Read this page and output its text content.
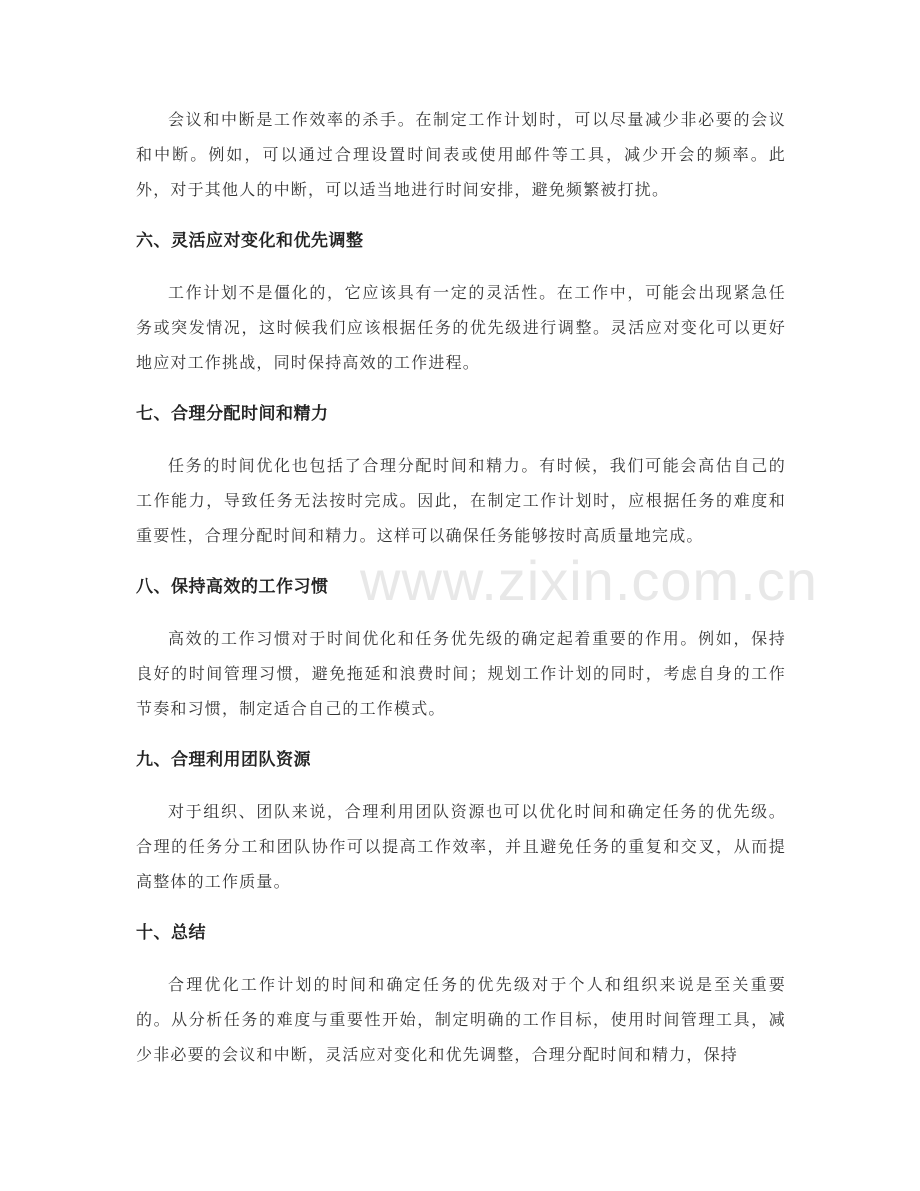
www.zixin.com.cn

会议和中断是工作效率的杀手。在制定工作计划时，可以尽量减少非必要的会议和中断。例如，可以通过合理设置时间表或使用邮件等工具，减少开会的频率。此外，对于其他人的中断，可以适当地进行时间安排，避免频繁被打扰。

六、灵活应对变化和优先调整

工作计划不是僵化的，它应该具有一定的灵活性。在工作中，可能会出现紧急任务或突发情况，这时候我们应该根据任务的优先级进行调整。灵活应对变化可以更好地应对工作挑战，同时保持高效的工作进程。

七、合理分配时间和精力

任务的时间优化也包括了合理分配时间和精力。有时候，我们可能会高估自己的工作能力，导致任务无法按时完成。因此，在制定工作计划时，应根据任务的难度和重要性，合理分配时间和精力。这样可以确保任务能够按时高质量地完成。

八、保持高效的工作习惯

高效的工作习惯对于时间优化和任务优先级的确定起着重要的作用。例如，保持良好的时间管理习惯，避免拖延和浪费时间；规划工作计划的同时，考虑自身的工作节奏和习惯，制定适合自己的工作模式。

九、合理利用团队资源

对于组织、团队来说，合理利用团队资源也可以优化时间和确定任务的优先级。合理的任务分工和团队协作可以提高工作效率，并且避免任务的重复和交叉，从而提高整体的工作质量。

十、总结

合理优化工作计划的时间和确定任务的优先级对于个人和组织来说是至关重要的。从分析任务的难度与重要性开始，制定明确的工作目标，使用时间管理工具，减少非必要的会议和中断，灵活应对变化和优先调整，合理分配时间和精力，保持
